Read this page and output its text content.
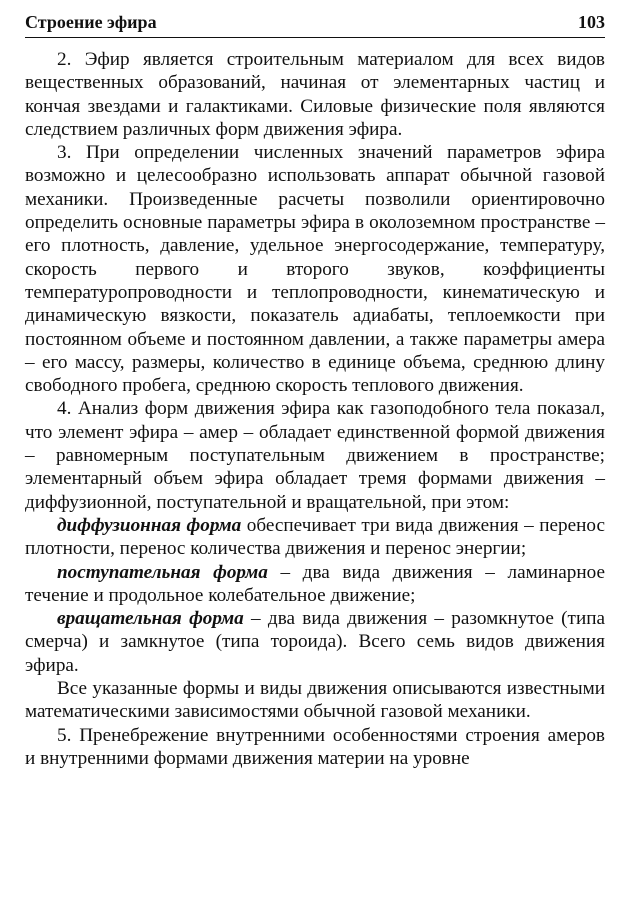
Строение эфира	103

2. Эфир является строительным материалом для всех видов вещественных образований, начиная от элементарных частиц и кончая звездами и галактиками. Силовые физические поля являются следствием различных форм движения эфира.

3. При определении численных значений параметров эфира возможно и целесообразно использовать аппарат обычной газовой механики. Произведенные расчеты позволили ориентировочно определить основные параметры эфира в околоземном пространстве – его плотность, давление, удельное энергосодержание, температуру, скорость первого и второго звуков, коэффициенты температуропроводности и теплопроводности, кинематическую и динамическую вязкости, показатель адиабаты, теплоемкости при постоянном объеме и постоянном давлении, а также параметры амера – его массу, размеры, количество в единице объема, среднюю длину свободного пробега, среднюю скорость теплового движения.

4. Анализ форм движения эфира как газоподобного тела показал, что элемент эфира – амер – обладает единственной формой движения – равномерным поступательным движением в пространстве; элементарный объем эфира обладает тремя формами движения – диффузионной, поступательной и вращательной, при этом:

диффузионная форма обеспечивает три вида движения – перенос плотности, перенос количества движения и перенос энергии;

поступательная форма – два вида движения – ламинарное течение и продольное колебательное движение;

вращательная форма – два вида движения – разомкнутое (типа смерча) и замкнутое (типа тороида). Всего семь видов движения эфира.

Все указанные формы и виды движения описываются известными математическими зависимостями обычной газовой механики.

5. Пренебрежение внутренними особенностями строения амеров и внутренними формами движения материи на уровне
